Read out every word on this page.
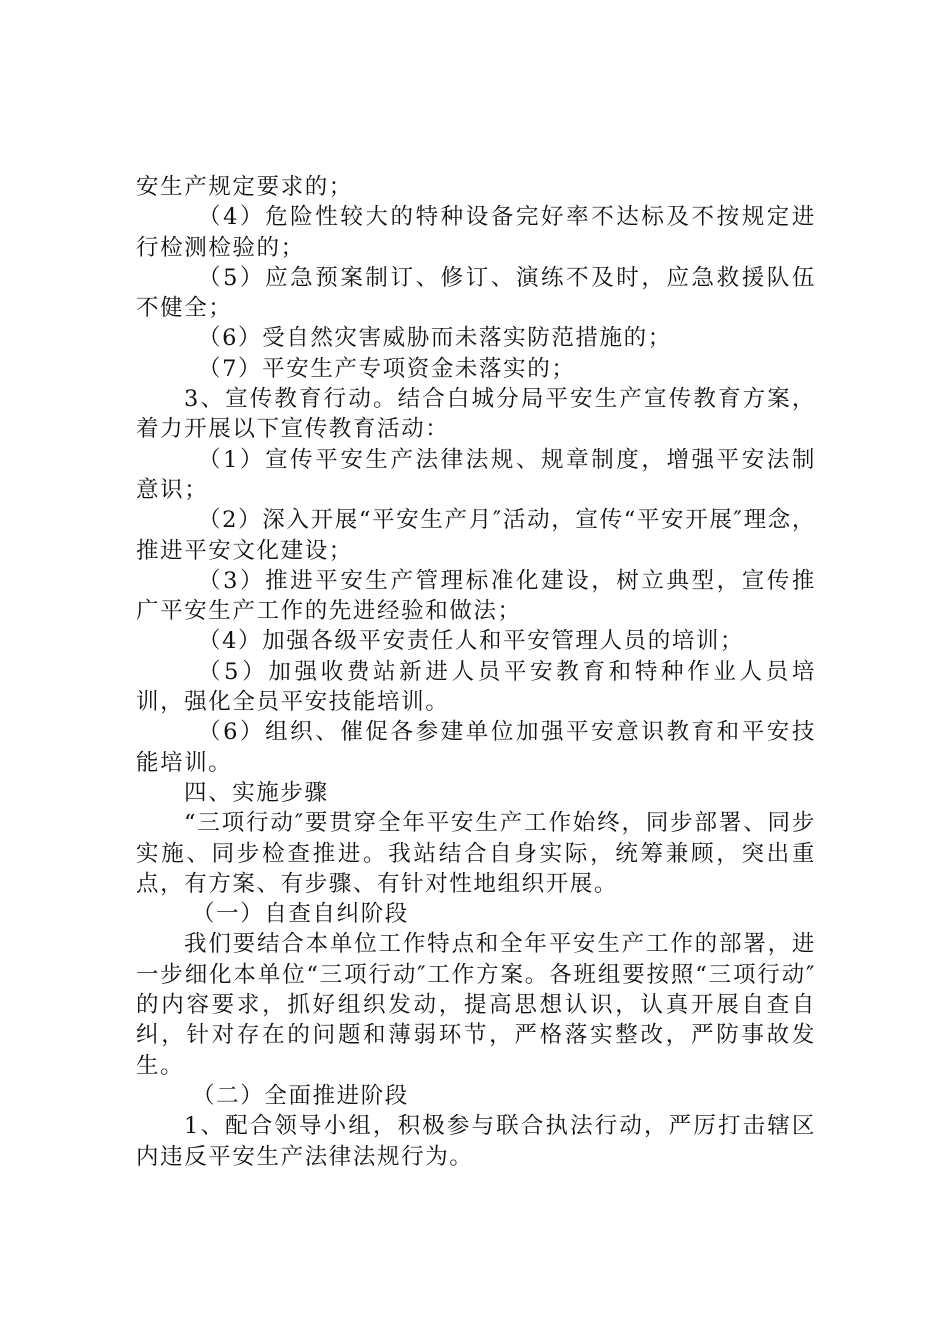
安生产规定要求的；

（4）危险性较大的特种设备完好率不达标及不按规定进行检测检验的；

（5）应急预案制订、修订、演练不及时，应急救援队伍不健全；

（6）受自然灾害威胁而未落实防范措施的；

（7）平安生产专项资金未落实的；

3、宣传教育行动。结合白城分局平安生产宣传教育方案，着力开展以下宣传教育活动：

（1）宣传平安生产法律法规、规章制度，增强平安法制意识；

（2）深入开展“平安生产月″活动，宣传“平安开展″理念，推进平安文化建设；

（3）推进平安生产管理标准化建设，树立典型，宣传推广平安生产工作的先进经验和做法；

（4）加强各级平安责任人和平安管理人员的培训；

（5）加强收费站新进人员平安教育和特种作业人员培训，强化全员平安技能培训。

（6）组织、催促各参建单位加强平安意识教育和平安技能培训。

四、实施步骤

“三项行动″要贯穿全年平安生产工作始终，同步部署、同步实施、同步检查推进。我站结合自身实际，统筹兼顾，突出重点，有方案、有步骤、有针对性地组织开展。

（一）自查自纠阶段

我们要结合本单位工作特点和全年平安生产工作的部署，进一步细化本单位“三项行动″工作方案。各班组要按照“三项行动″的内容要求，抓好组织发动，提高思想认识，认真开展自查自纠，针对存在的问题和薄弱环节，严格落实整改，严防事故发生。

（二）全面推进阶段

1、配合领导小组，积极参与联合执法行动，严厉打击辖区内违反平安生产法律法规行为。
